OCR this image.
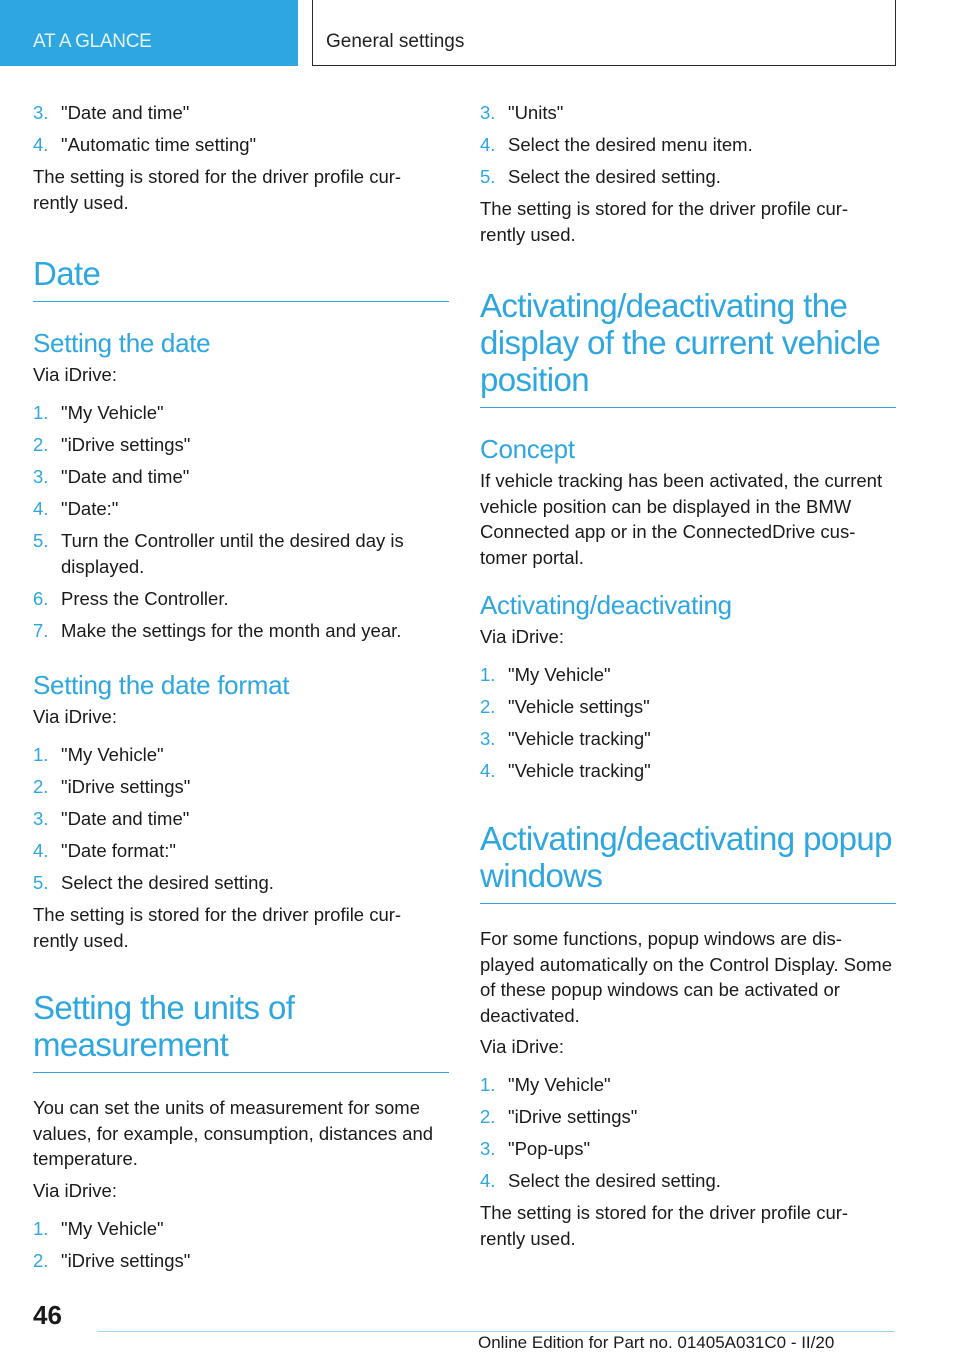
AT A GLANCE	General settings
3. "Date and time"
4. "Automatic time setting"

The setting is stored for the driver profile cur-rently used.

Date
Setting the date

Via iDrive:

1. "My Vehicle"
2. "iDrive settings"
3. "Date and time"
4. "Date:"
5. Turn the Controller until the desired day is displayed.
6. Press the Controller.
7. Make the settings for the month and year.
Setting the date format

Via iDrive:

1. "My Vehicle"
2. "iDrive settings"
3. "Date and time"
4. "Date format:"
5. Select the desired setting.

The setting is stored for the driver profile cur-rently used.

Setting the units of measurement

You can set the units of measurement for some values, for example, consumption, distances and temperature.

Via iDrive:

1. "My Vehicle"
2. "iDrive settings"
3. "Units"
4. Select the desired menu item.
5. Select the desired setting.

The setting is stored for the driver profile cur-rently used.

Activating/deactivating the display of the current vehicle position
Concept

If vehicle tracking has been activated, the current vehicle position can be displayed in the BMW Connected app or in the ConnectedDrive cus-tomer portal.

Activating/deactivating

Via iDrive:

1. "My Vehicle"
2. "Vehicle settings"
3. "Vehicle tracking"
4. "Vehicle tracking"
Activating/deactivating popup windows

For some functions, popup windows are dis-played automatically on the Control Display. Some of these popup windows can be activated or deactivated.

Via iDrive:

1. "My Vehicle"
2. "iDrive settings"
3. "Pop-ups"
4. Select the desired setting.

The setting is stored for the driver profile cur-rently used.

46
Online Edition for Part no. 01405A031C0 - II/20
